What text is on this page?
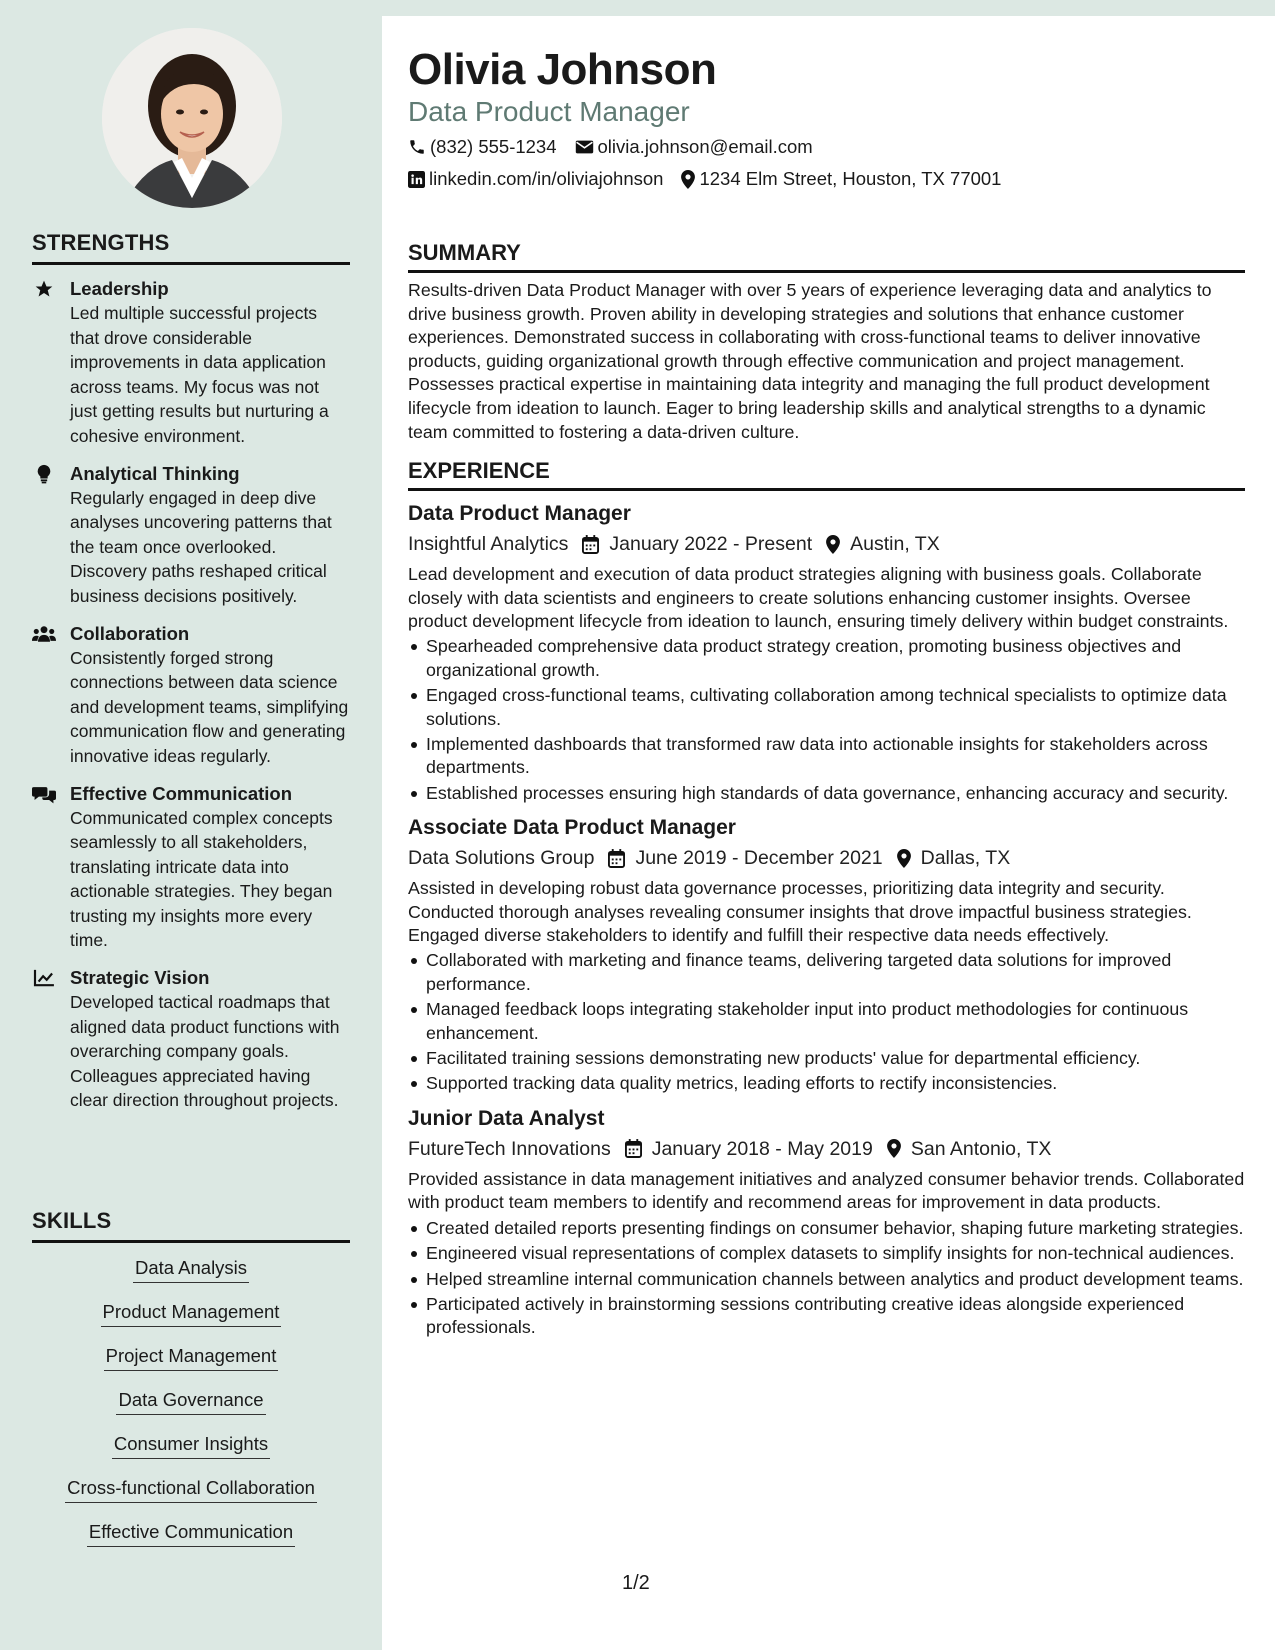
STRENGTHS
Leadership
Led multiple successful projects that drove considerable improvements in data application across teams. My focus was not just getting results but nurturing a cohesive environment.
Analytical Thinking
Regularly engaged in deep dive analyses uncovering patterns that the team once overlooked. Discovery paths reshaped critical business decisions positively.
Collaboration
Consistently forged strong connections between data science and development teams, simplifying communication flow and generating innovative ideas regularly.
Effective Communication
Communicated complex concepts seamlessly to all stakeholders, translating intricate data into actionable strategies. They began trusting my insights more every time.
Strategic Vision
Developed tactical roadmaps that aligned data product functions with overarching company goals. Colleagues appreciated having clear direction throughout projects.
SKILLS
Data Analysis
Product Management
Project Management
Data Governance
Consumer Insights
Cross-functional Collaboration
Effective Communication
Olivia Johnson
Data Product Manager
(832) 555-1234 olivia.johnson@email.com
linkedin.com/in/oliviajohnson 1234 Elm Street, Houston, TX 77001
SUMMARY
Results-driven Data Product Manager with over 5 years of experience leveraging data and analytics to drive business growth. Proven ability in developing strategies and solutions that enhance customer experiences. Demonstrated success in collaborating with cross-functional teams to deliver innovative products, guiding organizational growth through effective communication and project management. Possesses practical expertise in maintaining data integrity and managing the full product development lifecycle from ideation to launch. Eager to bring leadership skills and analytical strengths to a dynamic team committed to fostering a data-driven culture.
EXPERIENCE
Data Product Manager
Insightful Analytics January 2022 - Present Austin, TX
Lead development and execution of data product strategies aligning with business goals. Collaborate closely with data scientists and engineers to create solutions enhancing customer insights. Oversee product development lifecycle from ideation to launch, ensuring timely delivery within budget constraints.
Spearheaded comprehensive data product strategy creation, promoting business objectives and organizational growth.
Engaged cross-functional teams, cultivating collaboration among technical specialists to optimize data solutions.
Implemented dashboards that transformed raw data into actionable insights for stakeholders across departments.
Established processes ensuring high standards of data governance, enhancing accuracy and security.
Associate Data Product Manager
Data Solutions Group June 2019 - December 2021 Dallas, TX
Assisted in developing robust data governance processes, prioritizing data integrity and security. Conducted thorough analyses revealing consumer insights that drove impactful business strategies. Engaged diverse stakeholders to identify and fulfill their respective data needs effectively.
Collaborated with marketing and finance teams, delivering targeted data solutions for improved performance.
Managed feedback loops integrating stakeholder input into product methodologies for continuous enhancement.
Facilitated training sessions demonstrating new products' value for departmental efficiency.
Supported tracking data quality metrics, leading efforts to rectify inconsistencies.
Junior Data Analyst
FutureTech Innovations January 2018 - May 2019 San Antonio, TX
Provided assistance in data management initiatives and analyzed consumer behavior trends. Collaborated with product team members to identify and recommend areas for improvement in data products.
Created detailed reports presenting findings on consumer behavior, shaping future marketing strategies.
Engineered visual representations of complex datasets to simplify insights for non-technical audiences.
Helped streamline internal communication channels between analytics and product development teams.
Participated actively in brainstorming sessions contributing creative ideas alongside experienced professionals.
1/2
